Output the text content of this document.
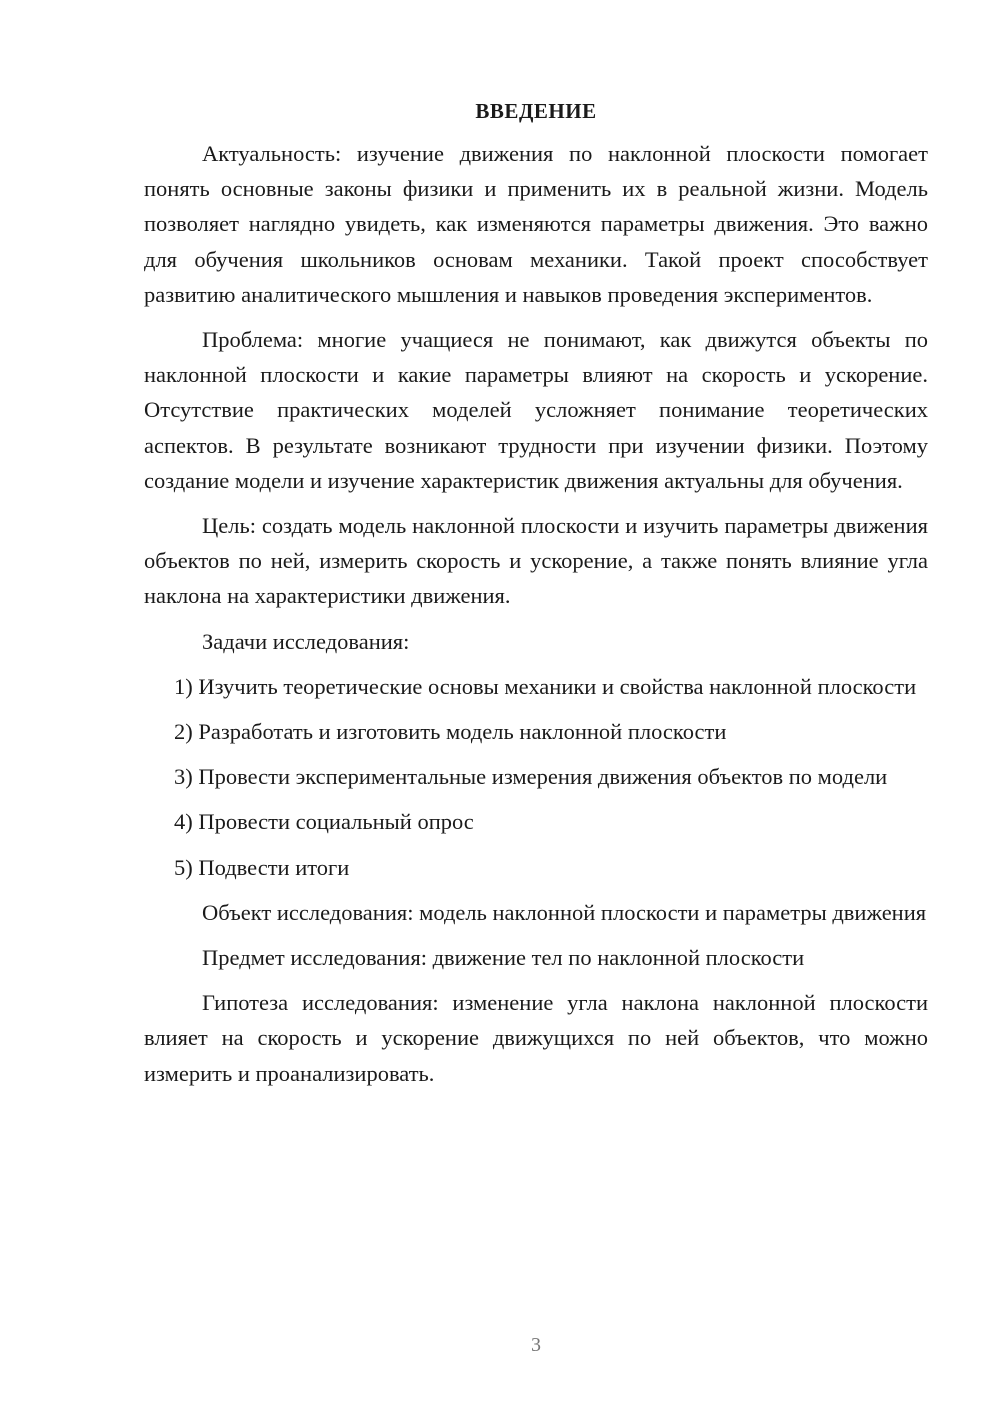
ВВЕДЕНИЕ

Актуальность: изучение движения по наклонной плоскости помогает понять основные законы физики и применить их в реальной жизни. Модель позволяет наглядно увидеть, как изменяются параметры движения. Это важно для обучения школьников основам механики. Такой проект способствует развитию аналитического мышления и навыков проведения экспериментов.

Проблема: многие учащиеся не понимают, как движутся объекты по наклонной плоскости и какие параметры влияют на скорость и ускорение. Отсутствие практических моделей усложняет понимание теоретических аспектов. В результате возникают трудности при изучении физики. Поэтому создание модели и изучение характеристик движения актуальны для обучения.

Цель: создать модель наклонной плоскости и изучить параметры движения объектов по ней, измерить скорость и ускорение, а также понять влияние угла наклона на характеристики движения.

Задачи исследования:

1) Изучить теоретические основы механики и свойства наклонной плоскости

2) Разработать и изготовить модель наклонной плоскости

3) Провести экспериментальные измерения движения объектов по модели

4) Провести социальный опрос

5) Подвести итоги

Объект исследования: модель наклонной плоскости и параметры движения

Предмет исследования: движение тел по наклонной плоскости

Гипотеза исследования: изменение угла наклона наклонной плоскости влияет на скорость и ускорение движущихся по ней объектов, что можно измерить и проанализировать.

3
